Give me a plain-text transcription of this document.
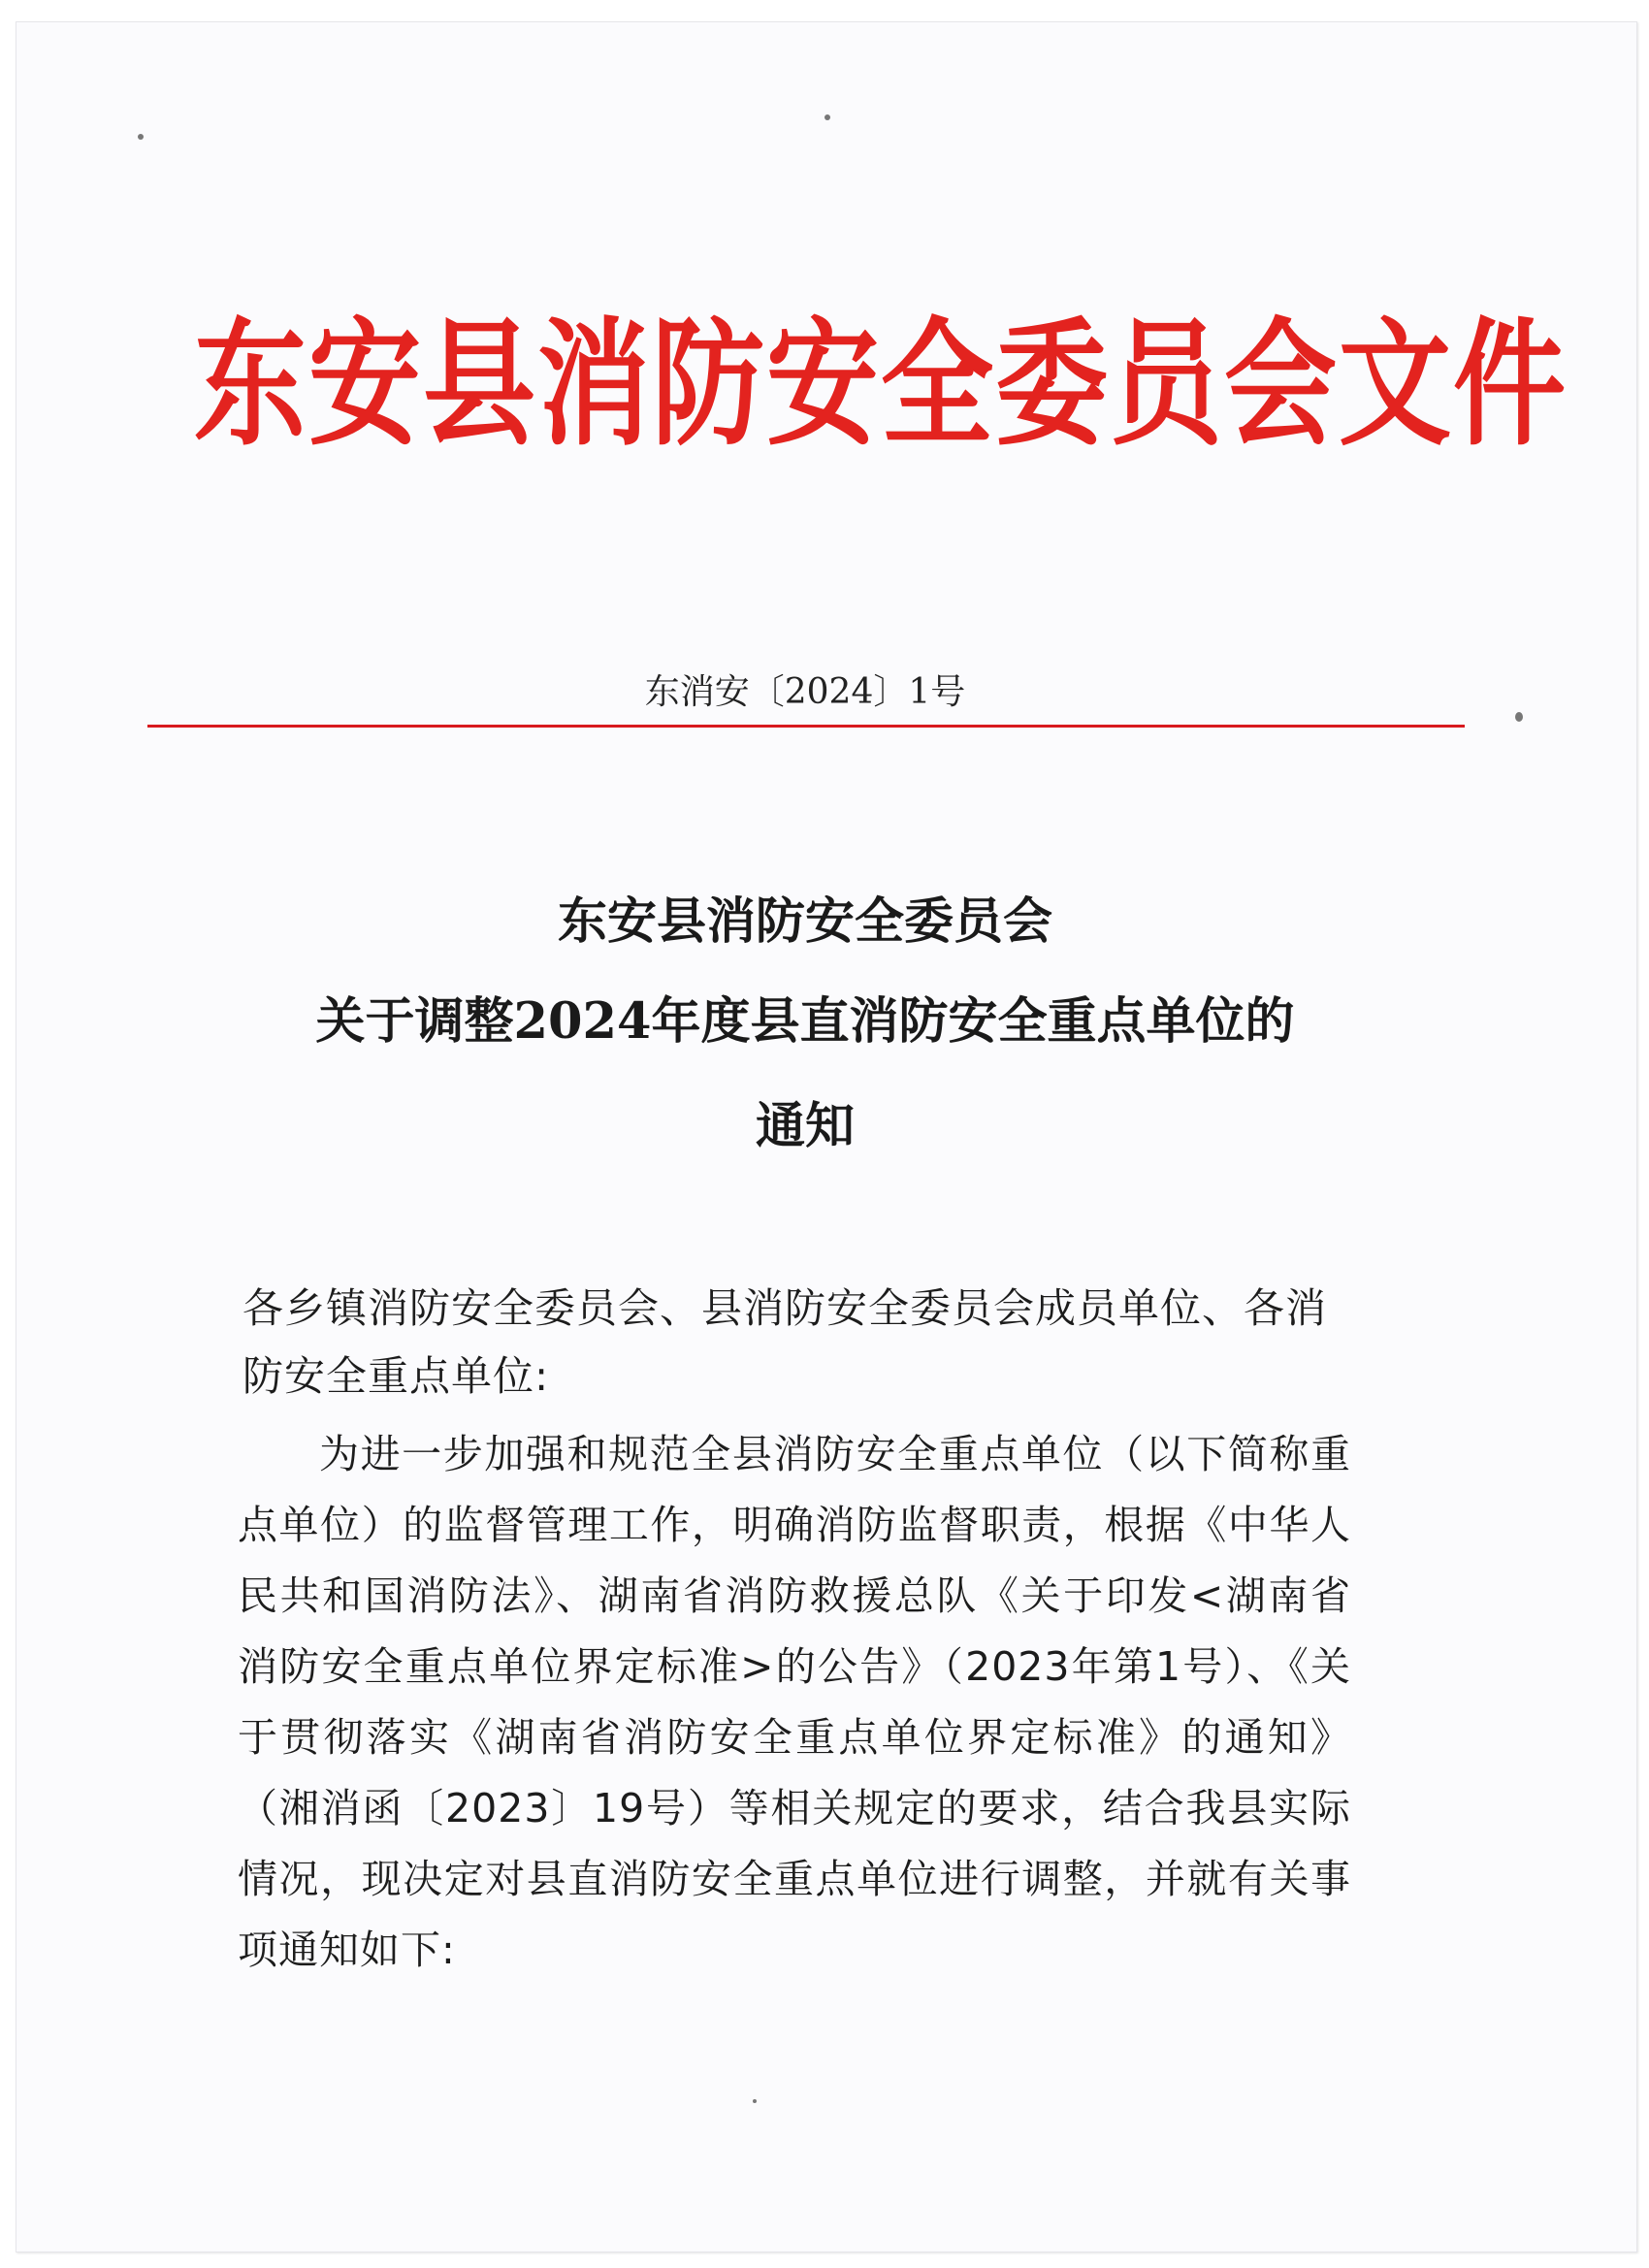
东安县消防安全委员会文件
东消安〔2024〕1号
东安县消防安全委员会
关于调整2024年度县直消防安全重点单位的
通知

各乡镇消防安全委员会、县消防安全委员会成员单位、各消防安全重点单位:

为进一步加强和规范全县消防安全重点单位（以下简称重点单位）的监督管理工作，明确消防监督职责，根据《中华人民共和国消防法》、湖南省消防救援总队《关于印发<湖南省消防安全重点单位界定标准>的公告》（2023年第1号）、《关于贯彻落实《湖南省消防安全重点单位界定标准》的通知》（湘消函〔2023〕19号）等相关规定的要求，结合我县实际情况，现决定对县直消防安全重点单位进行调整，并就有关事项通知如下:
